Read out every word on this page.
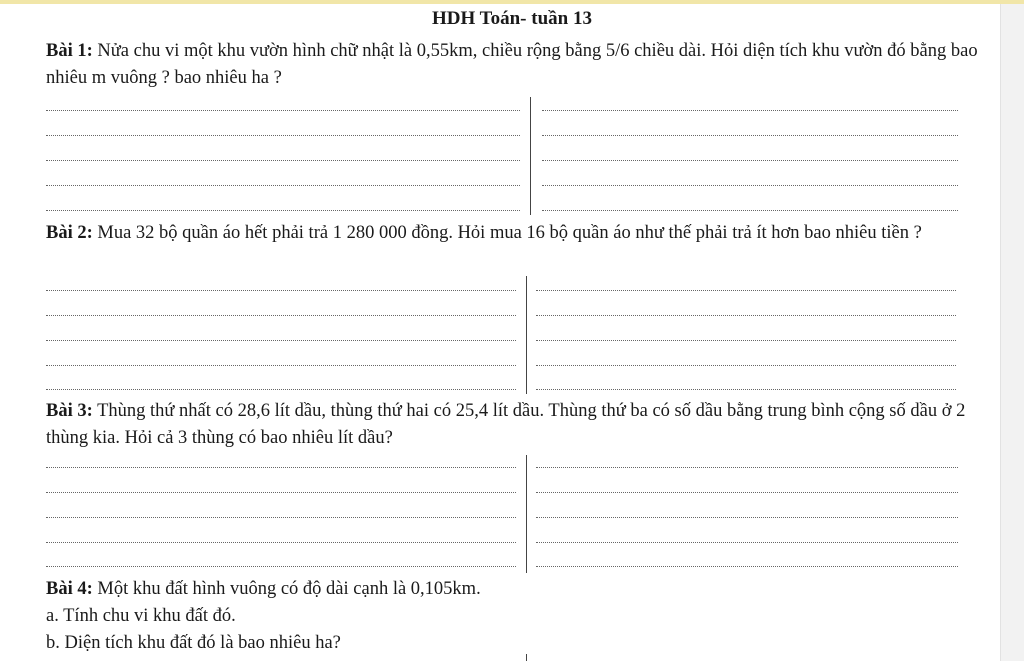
HDH Toán- tuần 13
Bài 1: Nửa chu vi một khu vườn hình chữ nhật là 0,55km, chiều rộng bằng 5/6 chiều dài. Hỏi diện tích khu vườn đó bằng bao nhiêu m vuông ? bao nhiêu ha ?
Bài 2: Mua 32 bộ quần áo hết phải trả 1 280 000 đồng. Hỏi mua 16 bộ quần áo như thế phải trả ít hơn bao nhiêu tiền ?
Bài 3: Thùng thứ nhất có 28,6 lít dầu, thùng thứ hai có 25,4 lít dầu. Thùng thứ ba có số dầu bằng trung bình cộng số dầu ở 2 thùng kia. Hỏi cả 3 thùng có bao nhiêu lít dầu?
Bài 4: Một khu đất hình vuông có độ dài cạnh là 0,105km.
a. Tính chu vi khu đất đó.
b. Diện tích khu đất đó là bao nhiêu ha?
